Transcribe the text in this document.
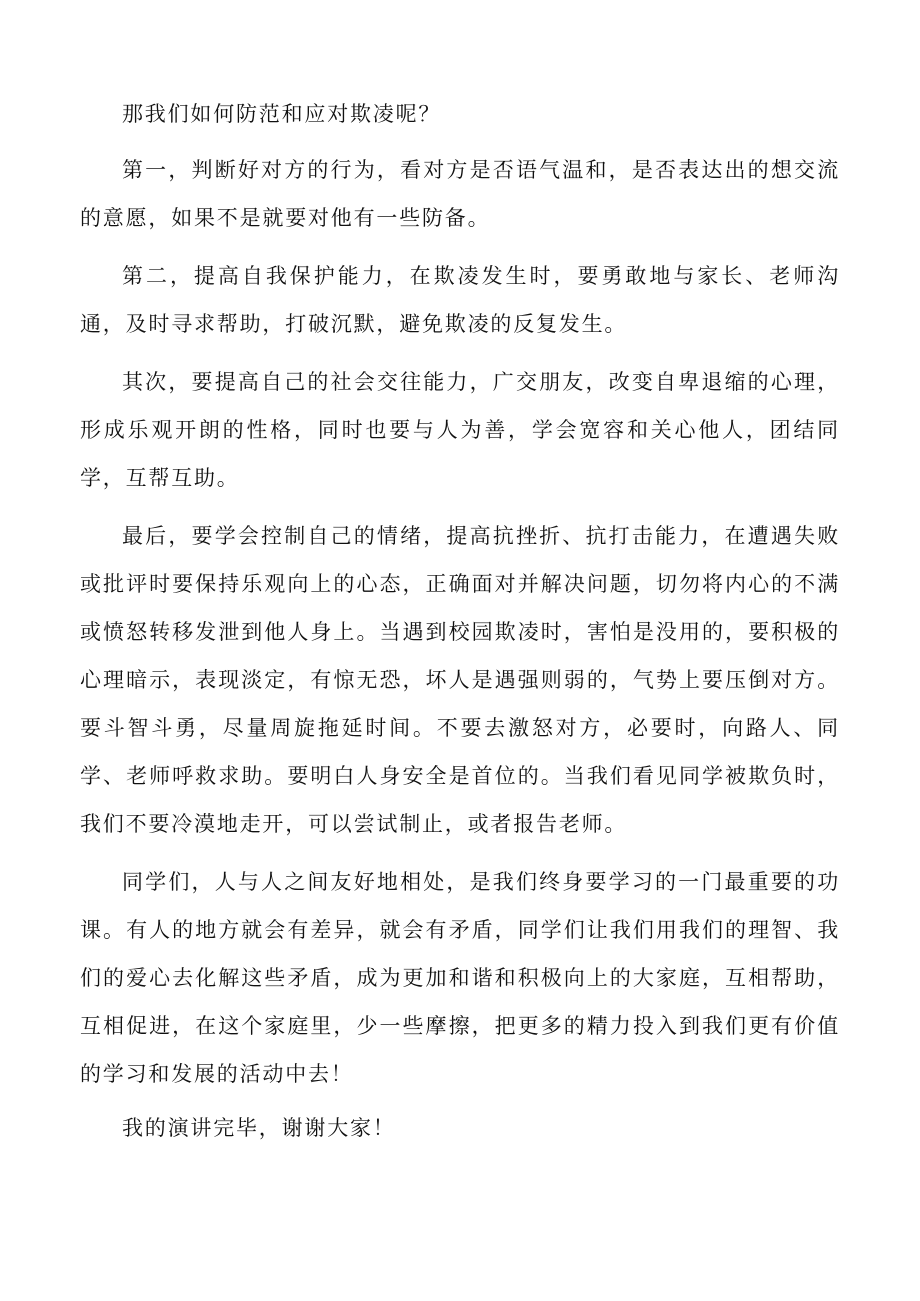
那我们如何防范和应对欺凌呢？

第一，判断好对方的行为，看对方是否语气温和，是否表达出的想交流的意愿，如果不是就要对他有一些防备。

第二，提高自我保护能力，在欺凌发生时，要勇敢地与家长、老师沟通，及时寻求帮助，打破沉默，避免欺凌的反复发生。

其次，要提高自己的社会交往能力，广交朋友，改变自卑退缩的心理，形成乐观开朗的性格，同时也要与人为善，学会宽容和关心他人，团结同学，互帮互助。

最后，要学会控制自己的情绪，提高抗挫折、抗打击能力，在遭遇失败或批评时要保持乐观向上的心态，正确面对并解决问题，切勿将内心的不满或愤怒转移发泄到他人身上。当遇到校园欺凌时，害怕是没用的，要积极的心理暗示，表现淡定，有惊无恐，坏人是遇强则弱的，气势上要压倒对方。要斗智斗勇，尽量周旋拖延时间。不要去激怒对方，必要时，向路人、同学、老师呼救求助。要明白人身安全是首位的。当我们看见同学被欺负时，我们不要冷漠地走开，可以尝试制止，或者报告老师。

同学们，人与人之间友好地相处，是我们终身要学习的一门最重要的功课。有人的地方就会有差异，就会有矛盾，同学们让我们用我们的理智、我们的爱心去化解这些矛盾，成为更加和谐和积极向上的大家庭，互相帮助，互相促进，在这个家庭里，少一些摩擦，把更多的精力投入到我们更有价值的学习和发展的活动中去！

我的演讲完毕，谢谢大家！
